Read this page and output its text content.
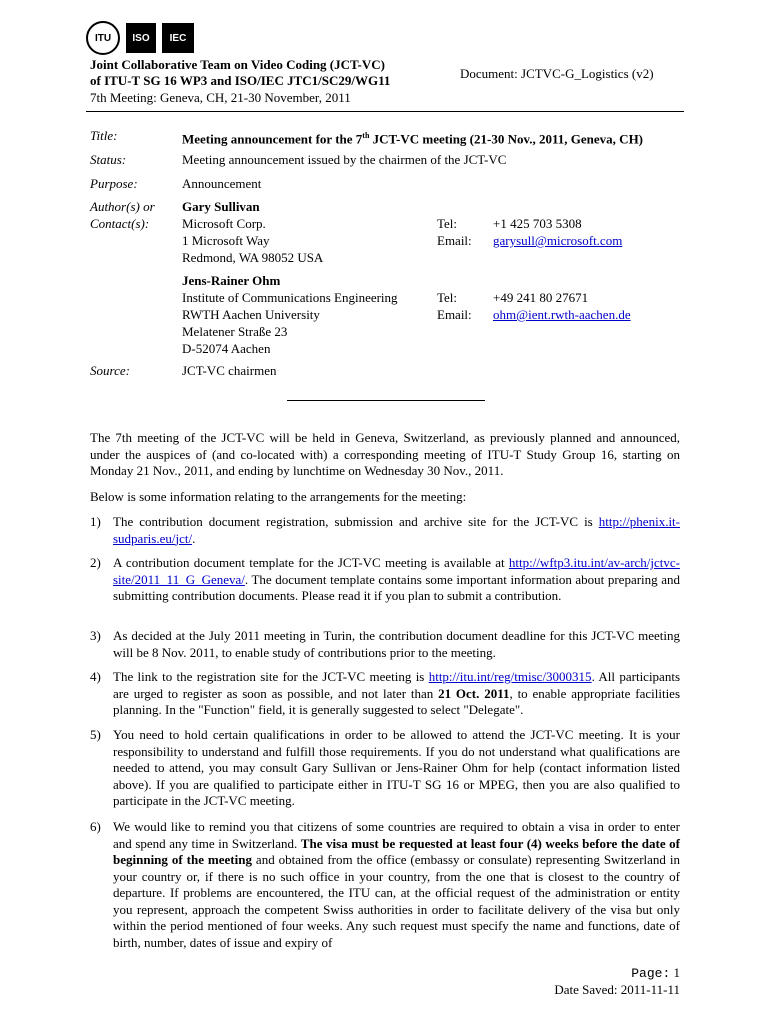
ITU	ISO	IEC
Joint Collaborative Team on Video Coding (JCT-VC)
of ITU-T SG 16 WP3 and ISO/IEC JTC1/SC29/WG11
7th Meeting: Geneva, CH, 21-30 November, 2011
Document: JCTVC-G_Logistics (v2)
Title:	Meeting announcement for the 7th JCT-VC meeting (21-30 Nov., 2011, Geneva, CH)
Status:	Meeting announcement issued by the chairmen of the JCT-VC
Purpose:	Announcement
Author(s) or
Contact(s):
Gary Sullivan
Microsoft Corp.
1 Microsoft Way
Redmond, WA 98052 USA
Tel:	+1 425 703 5308
Email: garysull@microsoft.com
Jens-Rainer Ohm
Institute of Communications Engineering
RWTH Aachen University
Melatener Straße 23
D-52074 Aachen
Tel:	+49 241 80 27671
Email: ohm@ient.rwth-aachen.de
Source:	JCT-VC chairmen
The 7th meeting of the JCT-VC will be held in Geneva, Switzerland, as previously planned and announced, under the auspices of (and co-located with) a corresponding meeting of ITU-T Study Group 16, starting on Monday 21 Nov., 2011, and ending by lunchtime on Wednesday 30 Nov., 2011.
Below is some information relating to the arrangements for the meeting:
1) The contribution document registration, submission and archive site for the JCT-VC is http://phenix.it-sudparis.eu/jct/.
2) A contribution document template for the JCT-VC meeting is available at http://wftp3.itu.int/av-arch/jctvc-site/2011_11_G_Geneva/. The document template contains some important information about preparing and submitting contribution documents. Please read it if you plan to submit a contribution.
3) As decided at the July 2011 meeting in Turin, the contribution document deadline for this JCT-VC meeting will be 8 Nov. 2011, to enable study of contributions prior to the meeting.
4) The link to the registration site for the JCT-VC meeting is http://itu.int/reg/tmisc/3000315. All participants are urged to register as soon as possible, and not later than 21 Oct. 2011, to enable appropriate facilities planning. In the "Function" field, it is generally suggested to select "Delegate".
5) You need to hold certain qualifications in order to be allowed to attend the JCT-VC meeting. It is your responsibility to understand and fulfill those requirements. If you do not understand what qualifications are needed to attend, you may consult Gary Sullivan or Jens-Rainer Ohm for help (contact information listed above). If you are qualified to participate either in ITU-T SG 16 or MPEG, then you are also qualified to participate in the JCT-VC meeting.
6) We would like to remind you that citizens of some countries are required to obtain a visa in order to enter and spend any time in Switzerland. The visa must be requested at least four (4) weeks before the date of beginning of the meeting and obtained from the office (embassy or consulate) representing Switzerland in your country or, if there is no such office in your country, from the one that is closest to the country of departure. If problems are encountered, the ITU can, at the official request of the administration or entity you represent, approach the competent Swiss authorities in order to facilitate delivery of the visa but only within the period mentioned of four weeks. Any such request must specify the name and functions, date of birth, number, dates of issue and expiry of
Page: 1
Date Saved: 2011-11-11
